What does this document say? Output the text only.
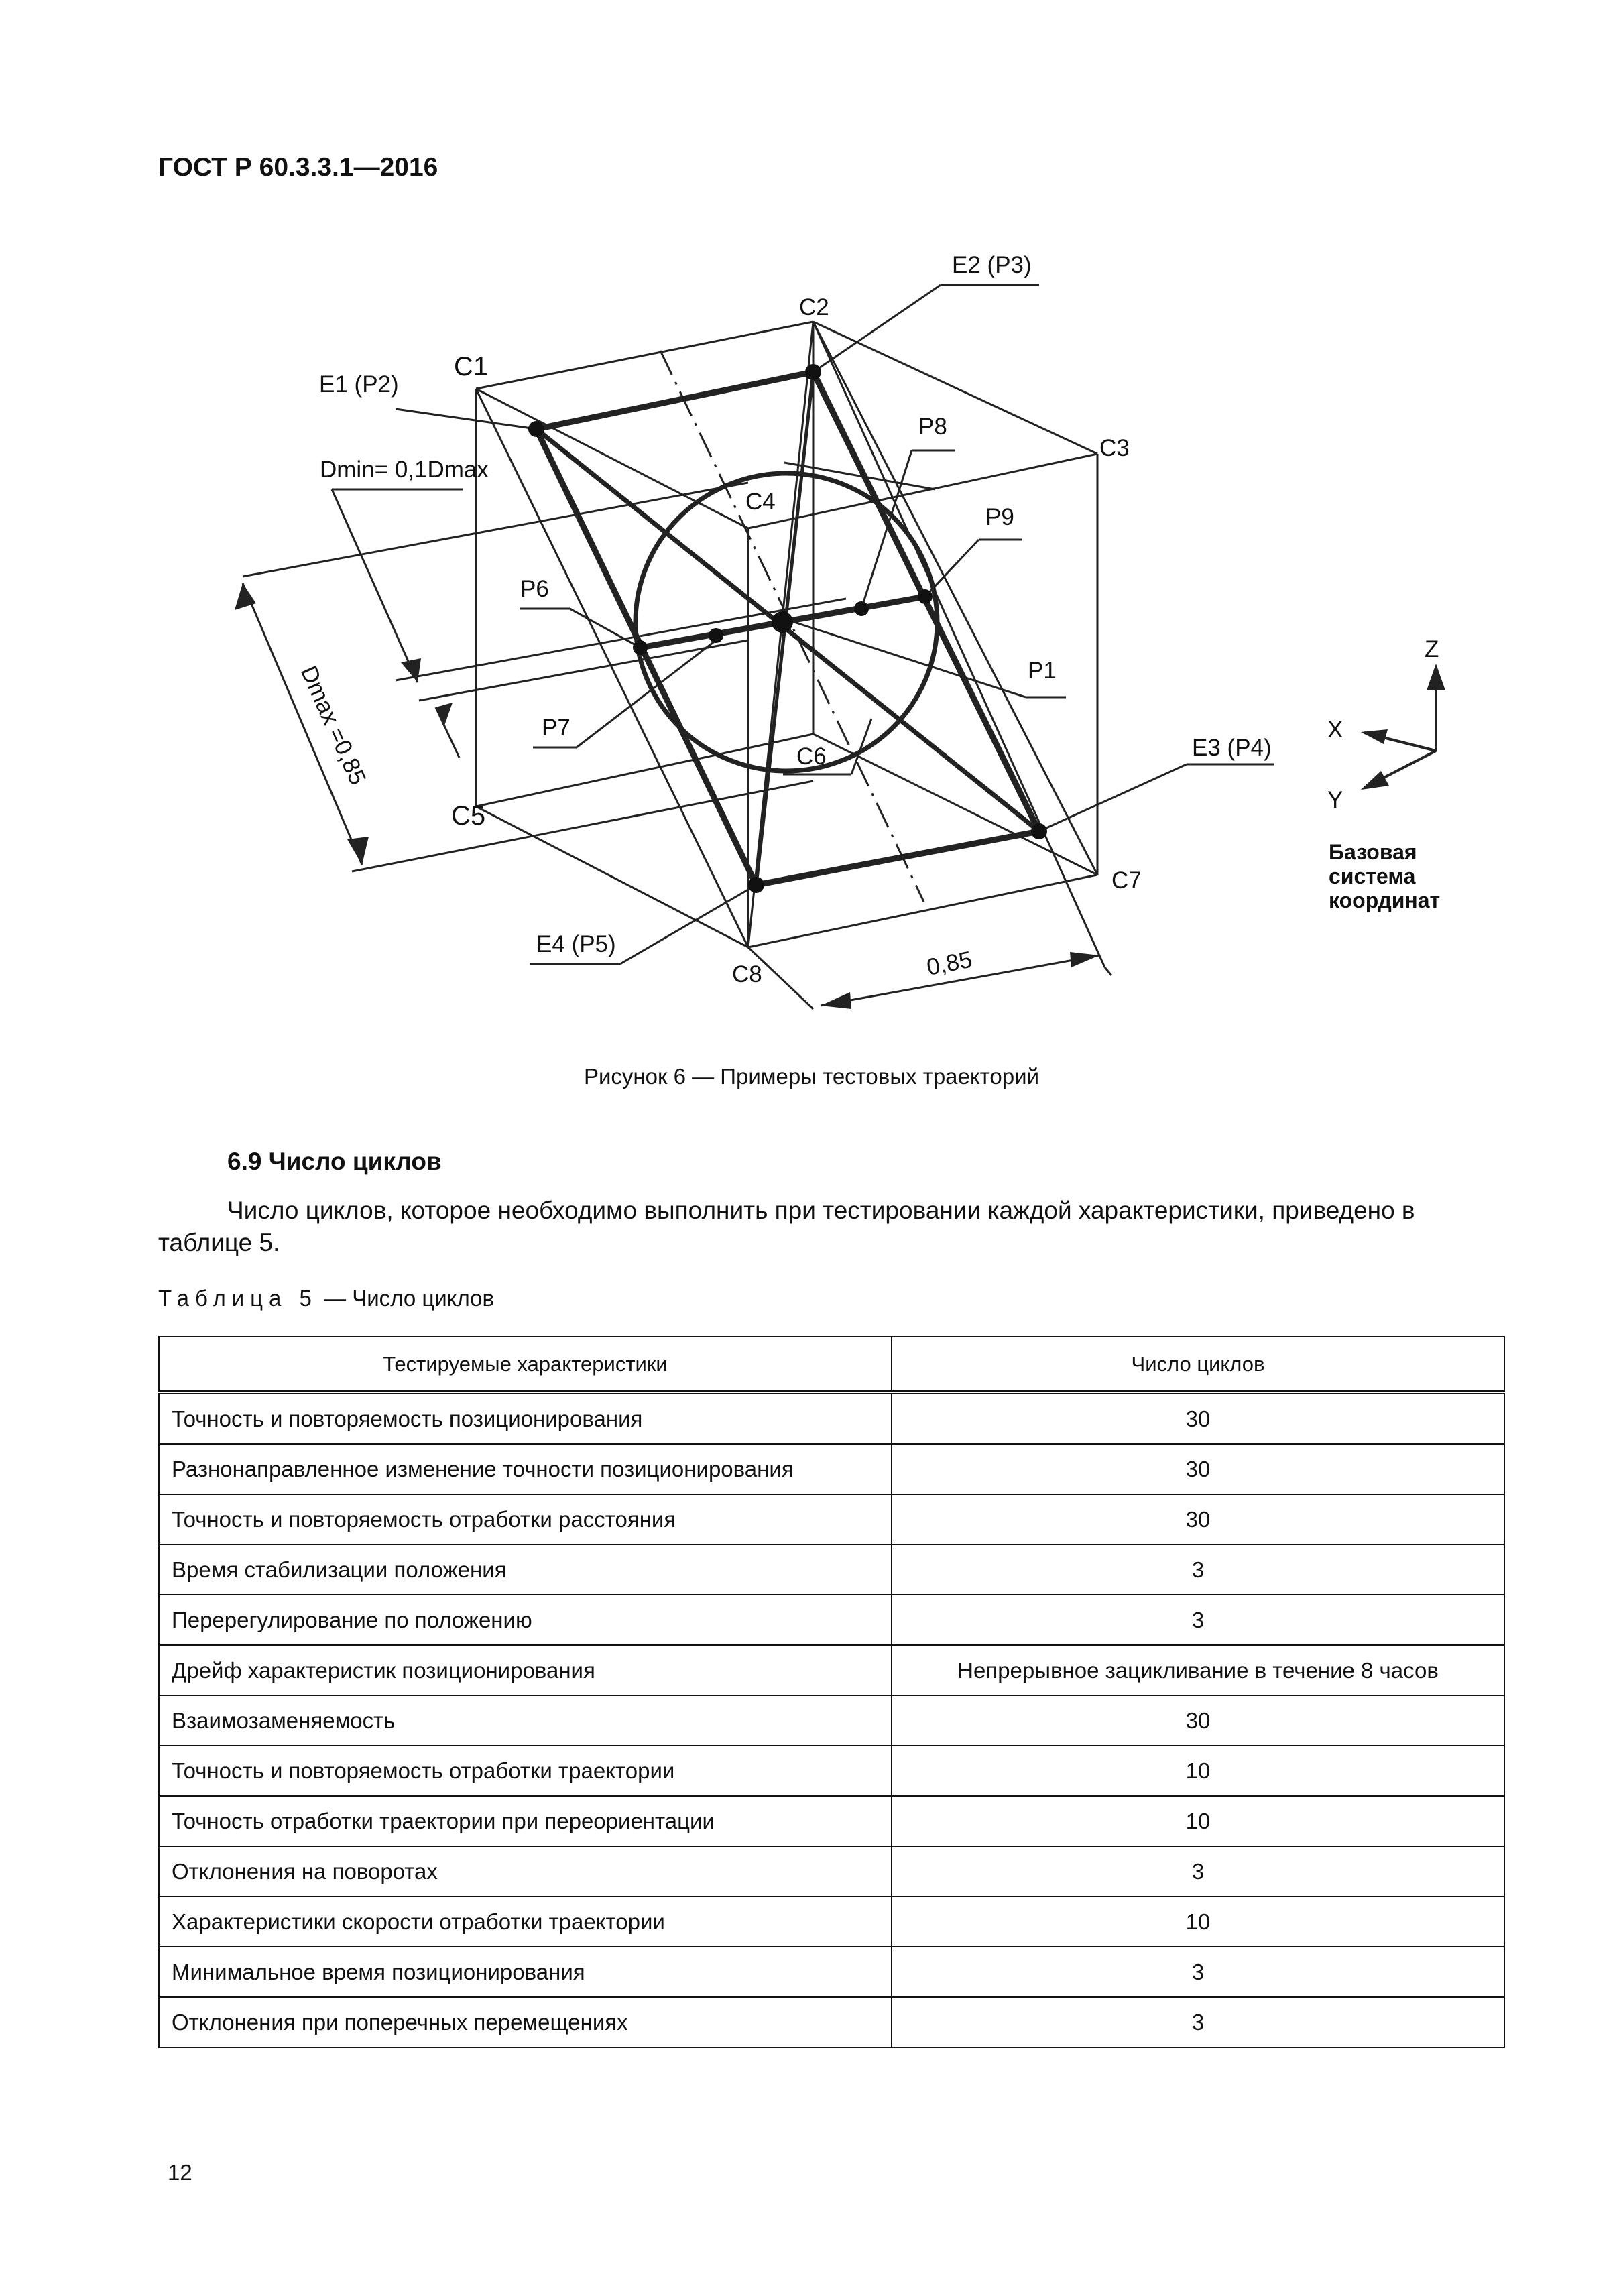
ГОСТ Р 60.3.3.1—2016
C1
C2
C3
C4
C5
C6
C7
C8
E1 (P2)
E2 (P3)
E3 (P4)
E4 (P5)
P1
P6
P7
P8
P9
Dmin= 0,1Dmax
Dmax =0,85
0,85
Z
X
Y
Базовая
система
координат
Рисунок 6 — Примеры тестовых траекторий
6.9 Число циклов
Число циклов, которое необходимо выполнить при тестировании каждой характеристики, приведено в таблице 5.
Таблица 5 — Число циклов
Тестируемые характеристики	Число циклов
Точность и повторяемость позиционирования	30
Разнонаправленное изменение точности позиционирования	30
Точность и повторяемость отработки расстояния	30
Время стабилизации положения	3
Перерегулирование по положению	3
Дрейф характеристик позиционирования	Непрерывное зацикливание в течение 8 часов
Взаимозаменяемость	30
Точность и повторяемость отработки траектории	10
Точность отработки траектории при переориентации	10
Отклонения на поворотах	3
Характеристики скорости отработки траектории	10
Минимальное время позиционирования	3
Отклонения при поперечных перемещениях	3
12
